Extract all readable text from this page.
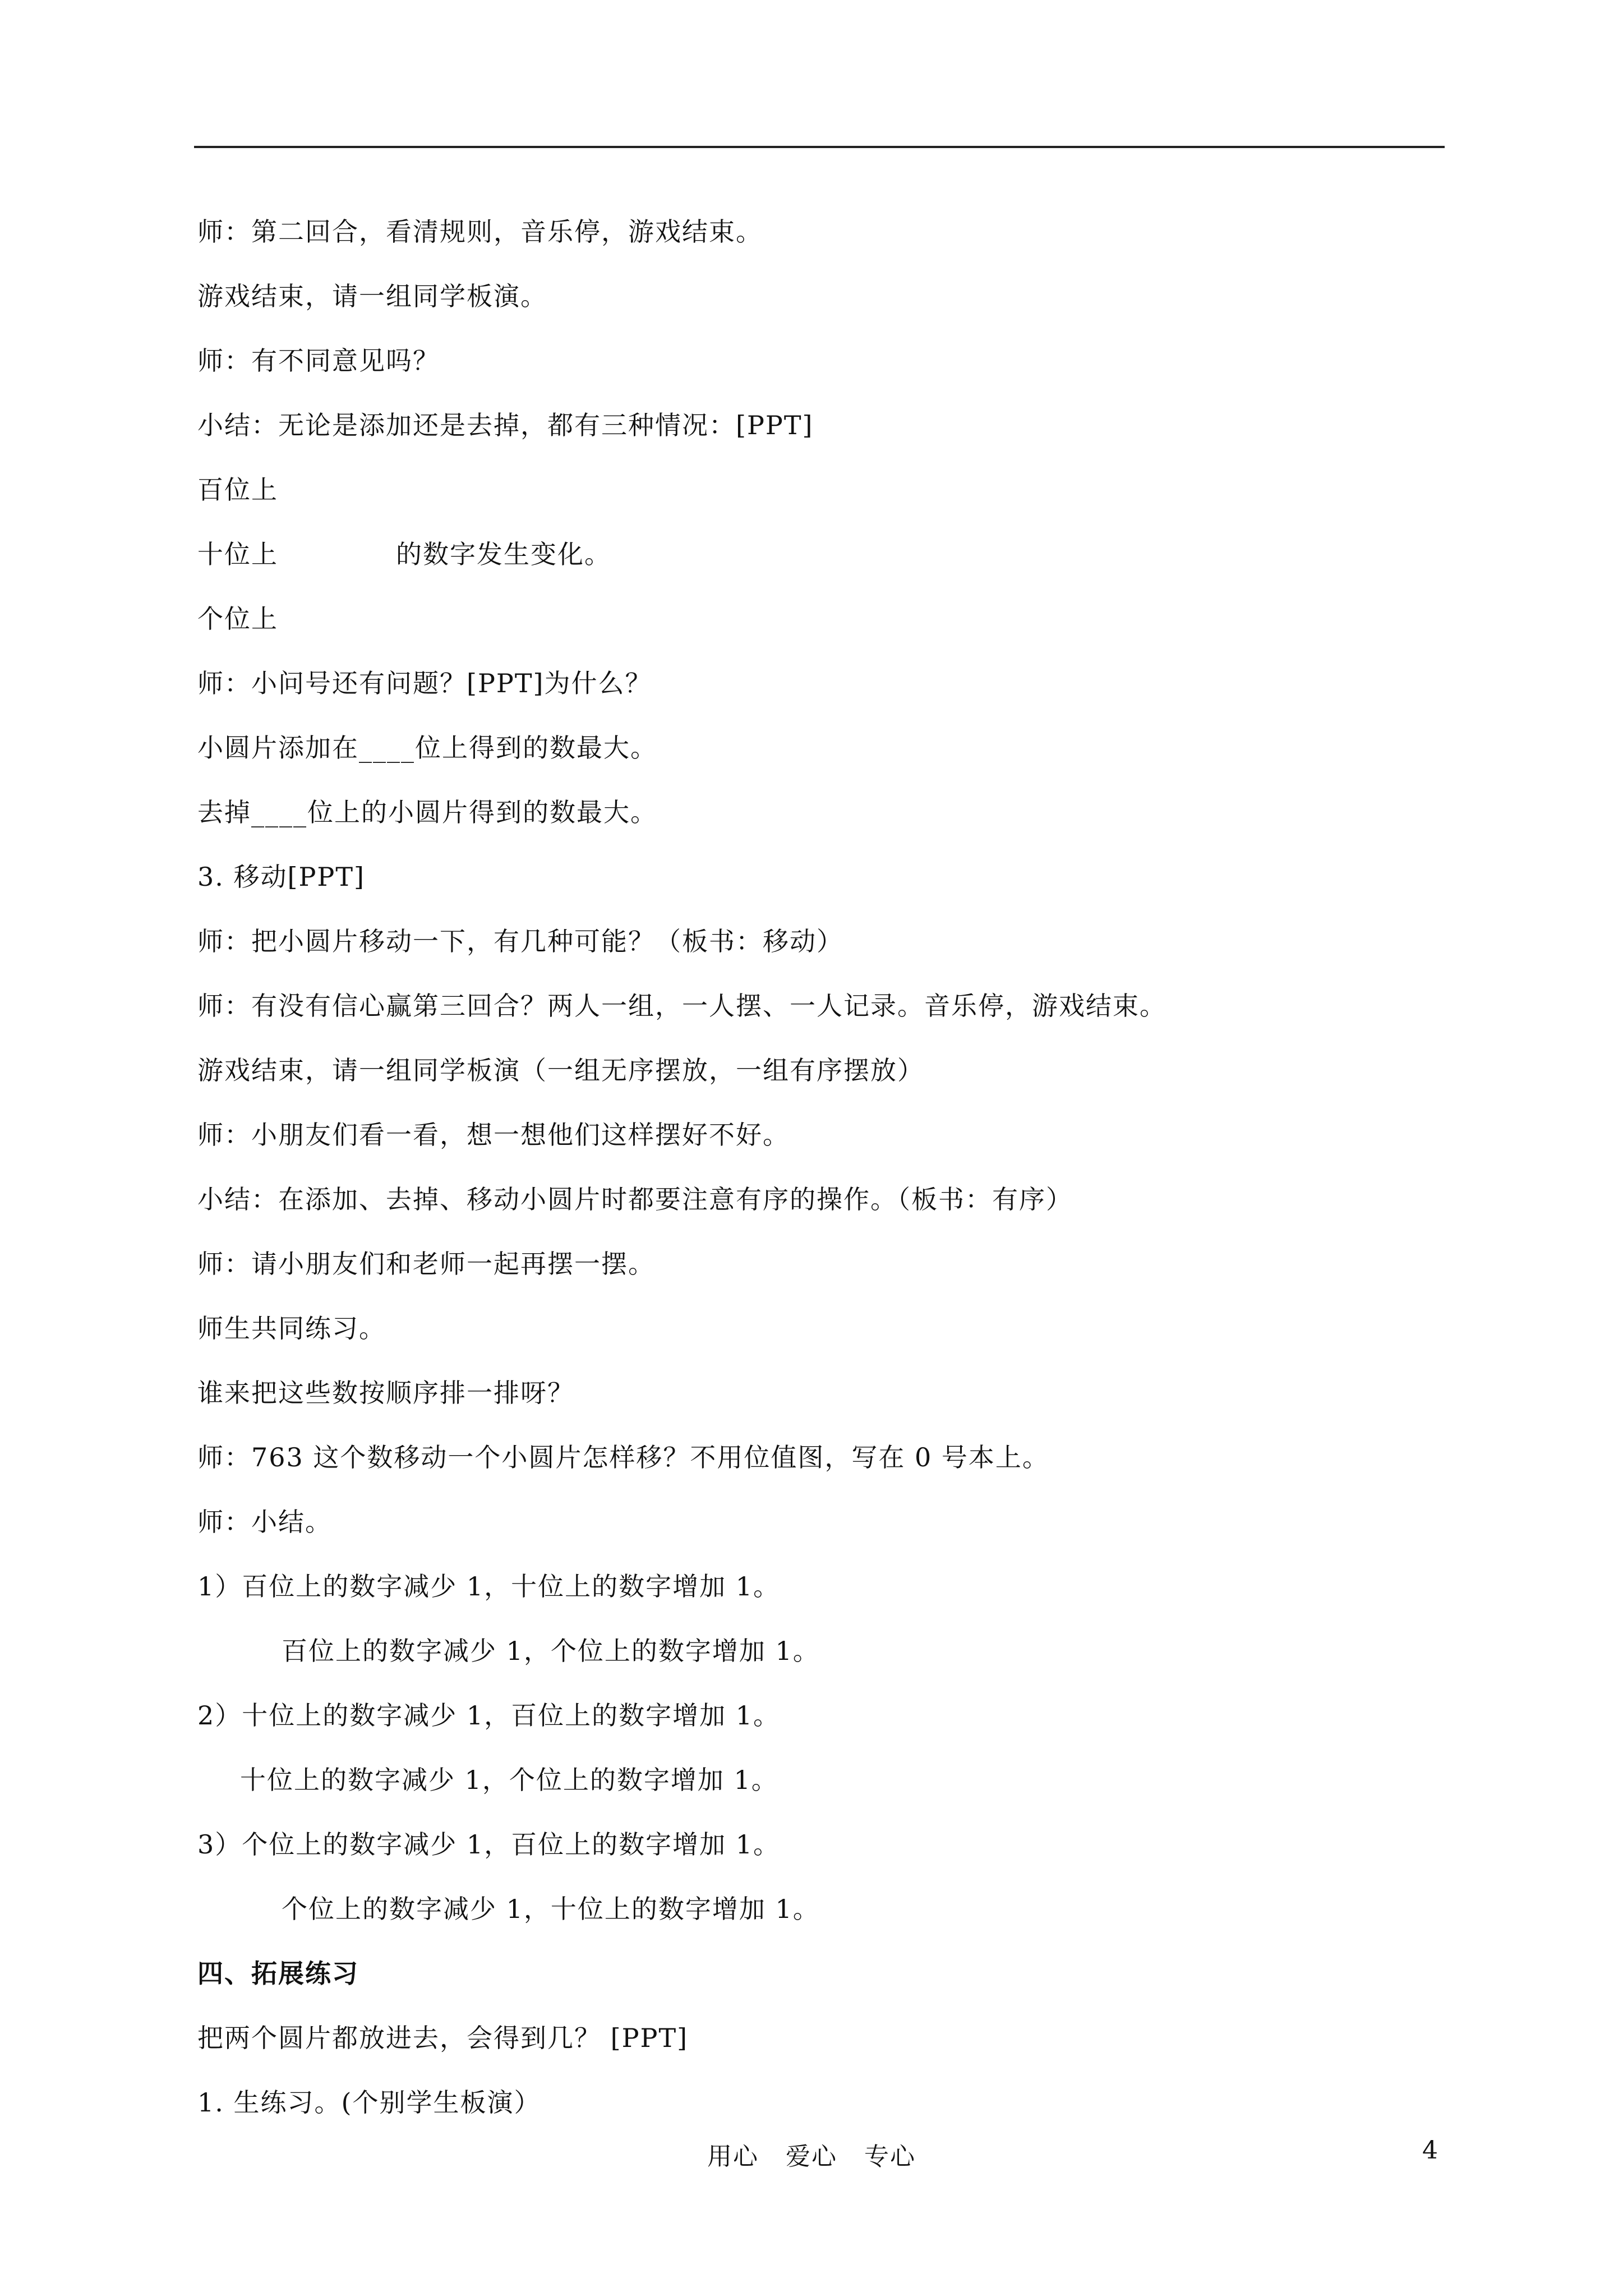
师：第二回合，看清规则，音乐停，游戏结束。
游戏结束，请一组同学板演。
师：有不同意见吗？
小结：无论是添加还是去掉，都有三种情况：[PPT]
百位上
十位上	的数字发生变化。
个位上
师：小问号还有问题？[PPT]为什么？
小圆片添加在____位上得到的数最大。
去掉____位上的小圆片得到的数最大。
3. 移动[PPT]
师：把小圆片移动一下，有几种可能？（板书：移动）
师：有没有信心赢第三回合？两人一组，一人摆、一人记录。音乐停，游戏结束。
游戏结束，请一组同学板演（一组无序摆放，一组有序摆放）
师：小朋友们看一看，想一想他们这样摆好不好。
小结：在添加、去掉、移动小圆片时都要注意有序的操作。（板书：有序）
师：请小朋友们和老师一起再摆一摆。
师生共同练习。
谁来把这些数按顺序排一排呀？
师：763 这个数移动一个小圆片怎样移？不用位值图，写在 0 号本上。
师：小结。
1）百位上的数字减少 1，十位上的数字增加 1。
百位上的数字减少 1，个位上的数字增加 1。
2）十位上的数字减少 1，百位上的数字增加 1。
十位上的数字减少 1，个位上的数字增加 1。
3）个位上的数字减少 1，百位上的数字增加 1。
个位上的数字减少 1，十位上的数字增加 1。
四、拓展练习
把两个圆片都放进去，会得到几？ [PPT]
1. 生练习。(个别学生板演）
用心   爱心   专心	4
